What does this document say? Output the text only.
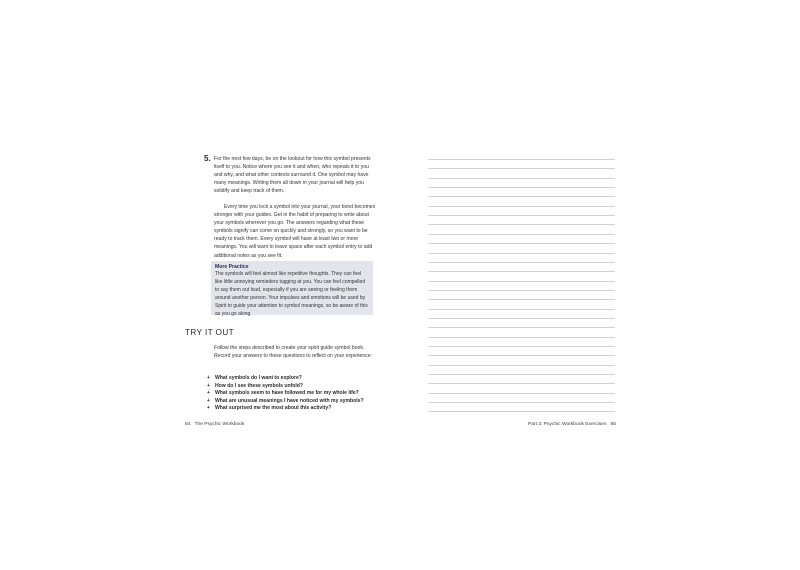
5. For the next few days, be on the lookout for how this symbol presents itself to you. Notice where you see it and when, who repeats it to you and why, and what other contexts surround it. One symbol may have many meanings. Writing them all down in your journal will help you solidify and keep track of them.
Every time you lock a symbol into your journal, your bond becomes stronger with your guides. Get in the habit of preparing to write about your symbols wherever you go. The answers regarding what these symbols signify can come on quickly and strongly, so you want to be ready to track them. Every symbol will have at least two or more meanings. You will want to leave space after each symbol entry to add additional notes as you see fit.
More Practice
The symbols will feel almost like repetitive thoughts. They can feel like little annoying reminders tugging at you. You can feel compelled to say them out loud, especially if you are seeing or feeling them around another person. Your impulses and emotions will be used by Spirit to guide your attention to symbol meanings, so be aware of this as you go along.
TRY IT OUT
Follow the steps described to create your spirit guide symbol book. Record your answers to these questions to reflect on your experience:
+ What symbols do I want to explore?
+ How do I see these symbols unfold?
+ What symbols seem to have followed me for my whole life?
+ What are unusual meanings I have noticed with my symbols?
+ What surprised me the most about this activity?
84 The Psychic Workbook	Part 2: Psychic Workbook Exercises 85
